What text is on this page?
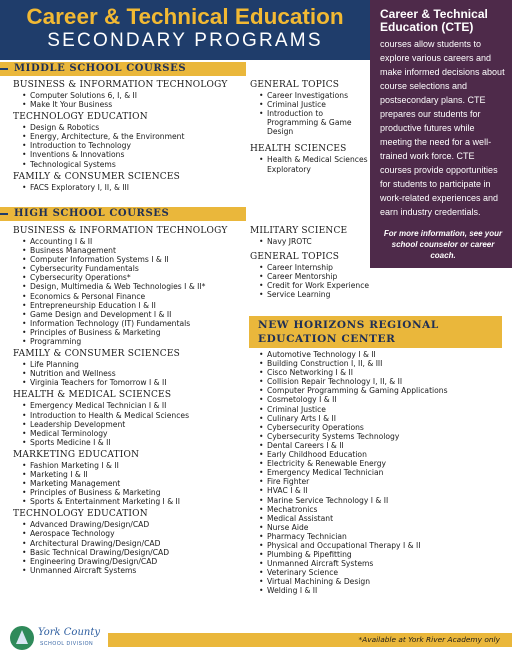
Career & Technical Education
SECONDARY PROGRAMS
Career & Technical
Education (CTE)
courses allow students to explore various careers and make informed decisions about course selections and postsecondary plans. CTE prepares our students for productive futures while meeting the need for a well-trained work force. CTE courses provide opportunities for students to participate in work-related experiences and earn industry credentials.
For more information, see your school counselor or career coach.
MIDDLE SCHOOL COURSES
BUSINESS & INFORMATION TECHNOLOGY
• Computer Solutions 6, I, & II
• Make It Your Business
TECHNOLOGY EDUCATION
• Design & Robotics
• Energy, Architecture, & the Environment
• Introduction to Technology
• Inventions & Innovations
• Technological Systems
FAMILY & CONSUMER SCIENCES
• FACS Exploratory I, II, & III
GENERAL TOPICS
• Career Investigations
• Criminal Justice
• Introduction to Programming & Game Design
HEALTH SCIENCES
• Health & Medical Sciences Exploratory
HIGH SCHOOL COURSES
BUSINESS & INFORMATION TECHNOLOGY
• Accounting I & II
• Business Management
• Computer Information Systems I & II
• Cybersecurity Fundamentals
• Cybersecurity Operations*
• Design, Multimedia & Web Technologies I & II*
• Economics & Personal Finance
• Entrepreneurship Education I & II
• Game Design and Development I & II
• Information Technology (IT) Fundamentals
• Principles of Business & Marketing
• Programming
FAMILY & CONSUMER SCIENCES
• Life Planning
• Nutrition and Wellness
• Virginia Teachers for Tomorrow I & II
HEALTH & MEDICAL SCIENCES
• Emergency Medical Technician I & II
• Introduction to Health & Medical Sciences
• Leadership Development
• Medical Terminology
• Sports Medicine I & II
MARKETING EDUCATION
• Fashion Marketing I & II
• Marketing I & II
• Marketing Management
• Principles of Business & Marketing
• Sports & Entertainment Marketing I & II
TECHNOLOGY EDUCATION
• Advanced Drawing/Design/CAD
• Aerospace Technology
• Architectural Drawing/Design/CAD
• Basic Technical Drawing/Design/CAD
• Engineering Drawing/Design/CAD
• Unmanned Aircraft Systems
MILITARY SCIENCE
• Navy JROTC
GENERAL TOPICS
• Career Internship
• Career Mentorship
• Credit for Work Experience
• Service Learning
NEW HORIZONS REGIONAL
EDUCATION CENTER
• Automotive Technology I & II
• Building Construction I, II, & III
• Cisco Networking I & II
• Collision Repair Technology I, II, & II
• Computer Programming & Gaming Applications
• Cosmetology I & II
• Criminal Justice
• Culinary Arts I & II
• Cybersecurity Operations
• Cybersecurity Systems Technology
• Dental Careers I & II
• Early Childhood Education
• Electricity & Renewable Energy
• Emergency Medical Technician
• Fire Fighter
• HVAC I & II
• Marine Service Technology I & II
• Mechatronics
• Medical Assistant
• Nurse Aide
• Pharmacy Technician
• Physical and Occupational Therapy I & II
• Plumbing & Pipefitting
• Unmanned Aircraft Systems
• Veterinary Science
• Virtual Machining & Design
• Welding I & II
York County
SCHOOL DIVISION	*Available at York River Academy only
